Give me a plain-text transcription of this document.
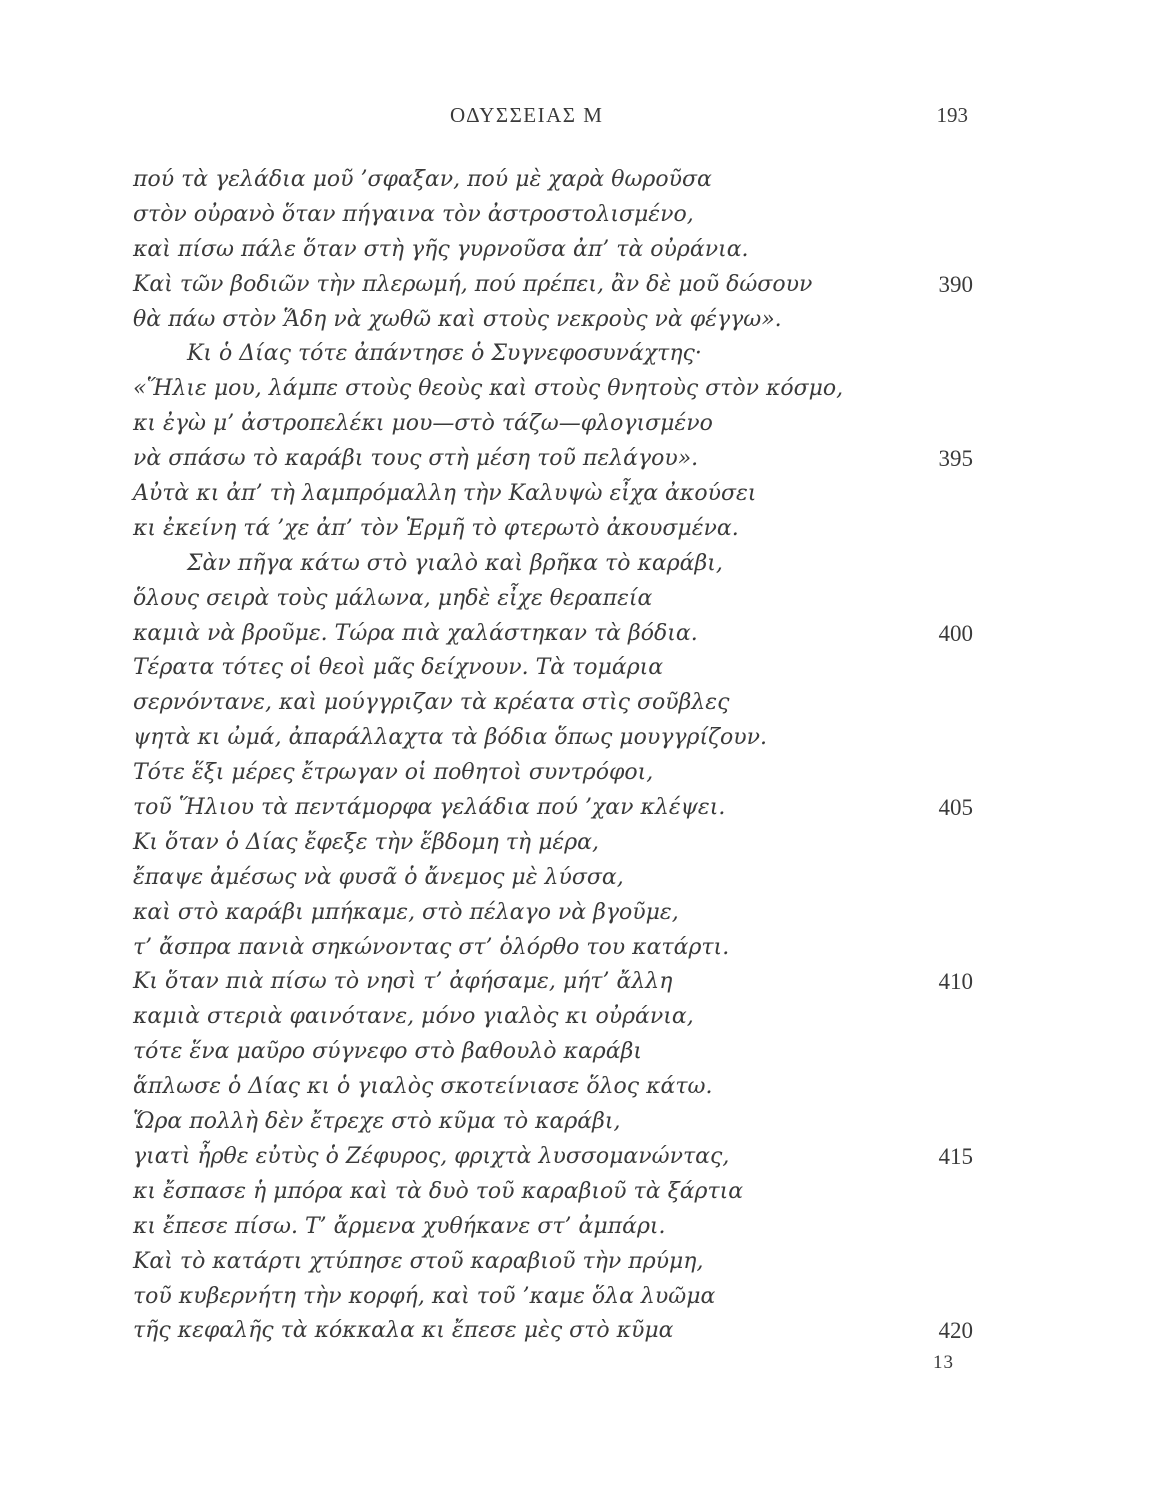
ΟΔΥΣΣΕΙΑΣ Μ	193
πού τὰ γελάδια μοῦ ’σφαξαν, πού μὲ χαρὰ θωροῦσα
στὸν οὐρανὸ ὅταν πήγαινα τὸν ἀστροστολισμένο,
καὶ πίσω πάλε ὅταν στὴ γῆς γυρνοῦσα ἀπ’ τὰ οὐράνια.
Καὶ τῶν βοδιῶν τὴν πλερωμή, πού πρέπει, ἂν δὲ μοῦ δώσουν	390
θὰ πάω στὸν Ἅδη νὰ χωθῶ καὶ στοὺς νεκροὺς νὰ φέγγω».
Κι ὁ Δίας τότε ἀπάντησε ὁ Συγνεφοσυνάχτης·
«Ἥλιε μου, λάμπε στοὺς θεοὺς καὶ στοὺς θνητοὺς στὸν κόσμο,
κι ἐγὼ μ’ ἀστροπελέκι μου—στὸ τάζω—φλογισμένο
νὰ σπάσω τὸ καράβι τους στὴ μέση τοῦ πελάγου».	395
Αὐτὰ κι ἀπ’ τὴ λαμπρόμαλλη τὴν Καλυψὼ εἶχα ἀκούσει
κι ἐκείνη τά ’χε ἀπ’ τὸν Ἑρμῆ τὸ φτερωτὸ ἀκουσμένα.
Σὰν πῆγα κάτω στὸ γιαλὸ καὶ βρῆκα τὸ καράβι,
ὅλους σειρὰ τοὺς μάλωνα, μηδὲ εἶχε θεραπεία
καμιὰ νὰ βροῦμε. Τώρα πιὰ χαλάστηκαν τὰ βόδια.	400
Τέρατα τότες οἱ θεοὶ μᾶς δείχνουν. Τὰ τομάρια
σερνόντανε, καὶ μούγγριζαν τὰ κρέατα στὶς σοῦβλες
ψητὰ κι ὠμά, ἀπαράλλαχτα τὰ βόδια ὅπως μουγγρίζουν.
Τότε ἕξι μέρες ἔτρωγαν οἱ ποθητοὶ συντρόφοι,
τοῦ Ἥλιου τὰ πεντάμορφα γελάδια πού ’χαν κλέψει.	405
Κι ὅταν ὁ Δίας ἔφεξε τὴν ἕβδομη τὴ μέρα,
ἔπαψε ἀμέσως νὰ φυσᾶ ὁ ἄνεμος μὲ λύσσα,
καὶ στὸ καράβι μπήκαμε, στὸ πέλαγο νὰ βγοῦμε,
τ’ ἄσπρα πανιὰ σηκώνοντας στ’ ὁλόρθο του κατάρτι.
Κι ὅταν πιὰ πίσω τὸ νησὶ τ’ ἀφήσαμε, μήτ’ ἄλλη	410
καμιὰ στεριὰ φαινότανε, μόνο γιαλὸς κι οὐράνια,
τότε ἕνα μαῦρο σύγνεφο στὸ βαθουλὸ καράβι
ἅπλωσε ὁ Δίας κι ὁ γιαλὸς σκοτείνιασε ὅλος κάτω.
Ὥρα πολλὴ δὲν ἔτρεχε στὸ κῦμα τὸ καράβι,
γιατὶ ἦρθε εὐτὺς ὁ Ζέφυρος, φριχτὰ λυσσομανώντας,	415
κι ἔσπασε ἡ μπόρα καὶ τὰ δυὸ τοῦ καραβιοῦ τὰ ξάρτια
κι ἔπεσε πίσω. Τ’ ἄρμενα χυθήκανε στ’ ἀμπάρι.
Καὶ τὸ κατάρτι χτύπησε στοῦ καραβιοῦ τὴν πρύμη,
τοῦ κυβερνήτη τὴν κορφή, καὶ τοῦ ’καμε ὅλα λυῶμα
τῆς κεφαλῆς τὰ κόκκαλα κι ἔπεσε μὲς στὸ κῦμα	420
13
